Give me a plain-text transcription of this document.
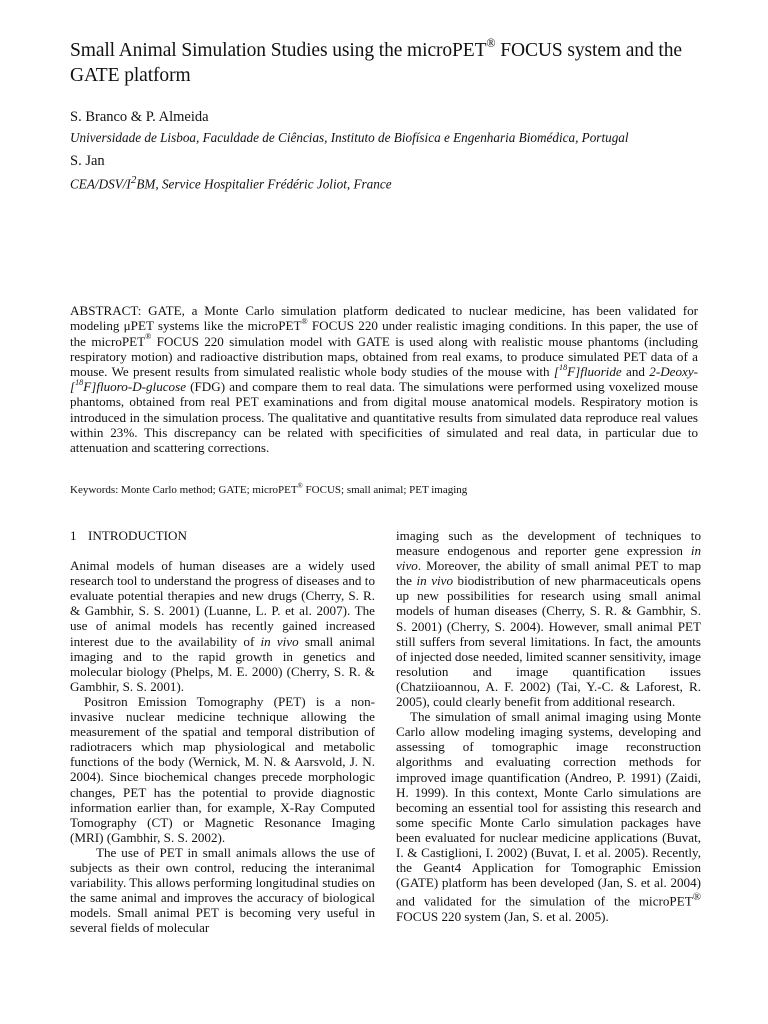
Small Animal Simulation Studies using the microPET® FOCUS system and the GATE platform
S. Branco & P. Almeida
Universidade de Lisboa, Faculdade de Ciências, Instituto de Biofísica e Engenharia Biomédica, Portugal
S. Jan
CEA/$DSV/I^2BM$, Service Hospitalier Frédéric Joliot, France

ABSTRACT: GATE, a Monte Carlo simulation platform dedicated to nuclear medicine, has been validated for modeling μPET systems like the microPET® FOCUS 220 under realistic imaging conditions. In this paper, the use of the microPET® FOCUS 220 simulation model with GATE is used along with realistic mouse phantoms (including respiratory motion) and radioactive distribution maps, obtained from real exams, to produce simulated PET data of a mouse. We present results from simulated realistic whole body studies of the mouse with [$^{18}$F]fluoride and 2-Deoxy-[$^{18}$F]fluoro-D-glucose (FDG) and compare them to real data. The simulations were performed using voxelized mouse phantoms, obtained from real PET examinations and from digital mouse anatomical models. Respiratory motion is introduced in the simulation process. The qualitative and quantitative results from simulated data reproduce real values within 23%. This discrepancy can be related with specificities of simulated and real data, in particular due to attenuation and scattering corrections.

Keywords: Monte Carlo method; GATE; microPET® FOCUS; small animal; PET imaging
1 INTRODUCTION

Animal models of human diseases are a widely used research tool to understand the progress of diseases and to evaluate potential therapies and new drugs (Cherry, S. R. & Gambhir, S. S. 2001) (Luanne, L. P. et al. 2007). The use of animal models has recently gained increased interest due to the availability of in vivo small animal imaging and to the rapid growth in genetics and molecular biology (Phelps, M. E. 2000) (Cherry, S. R. & Gambhir, S. S. 2001).

Positron Emission Tomography (PET) is a non-invasive nuclear medicine technique allowing the measurement of the spatial and temporal distribution of radiotracers which map physiological and metabolic functions of the body (Wernick, M. N. & Aarsvold, J. N. 2004). Since biochemical changes precede morphologic changes, PET has the potential to provide diagnostic information earlier than, for example, X-Ray Computed Tomography (CT) or Magnetic Resonance Imaging (MRI) (Gambhir, S. S. 2002).

The use of PET in small animals allows the use of subjects as their own control, reducing the interanimal variability. This allows performing longitudinal studies on the same animal and improves the accuracy of biological models. Small animal PET is becoming very useful in several fields of molecular

imaging such as the development of techniques to measure endogenous and reporter gene expression in vivo. Moreover, the ability of small animal PET to map the in vivo biodistribution of new pharmaceuticals opens up new possibilities for research using small animal models of human diseases (Cherry, S. R. & Gambhir, S. S. 2001) (Cherry, S. 2004). However, small animal PET still suffers from several limitations. In fact, the amounts of injected dose needed, limited scanner sensitivity, image resolution and image quantification issues (Chatziioannou, A. F. 2002) (Tai, Y.-C. & Laforest, R. 2005), could clearly benefit from additional research.

The simulation of small animal imaging using Monte Carlo allow modeling imaging systems, developing and assessing of tomographic image reconstruction algorithms and evaluating correction methods for improved image quantification (Andreo, P. 1991) (Zaidi, H. 1999). In this context, Monte Carlo simulations are becoming an essential tool for assisting this research and some specific Monte Carlo simulation packages have been evaluated for nuclear medicine applications (Buvat, I. & Castiglioni, I. 2002) (Buvat, I. et al. 2005). Recently, the Geant4 Application for Tomographic Emission (GATE) platform has been developed (Jan, S. et al. 2004) and validated for the simulation of the microPET® FOCUS 220 system (Jan, S. et al. 2005).
